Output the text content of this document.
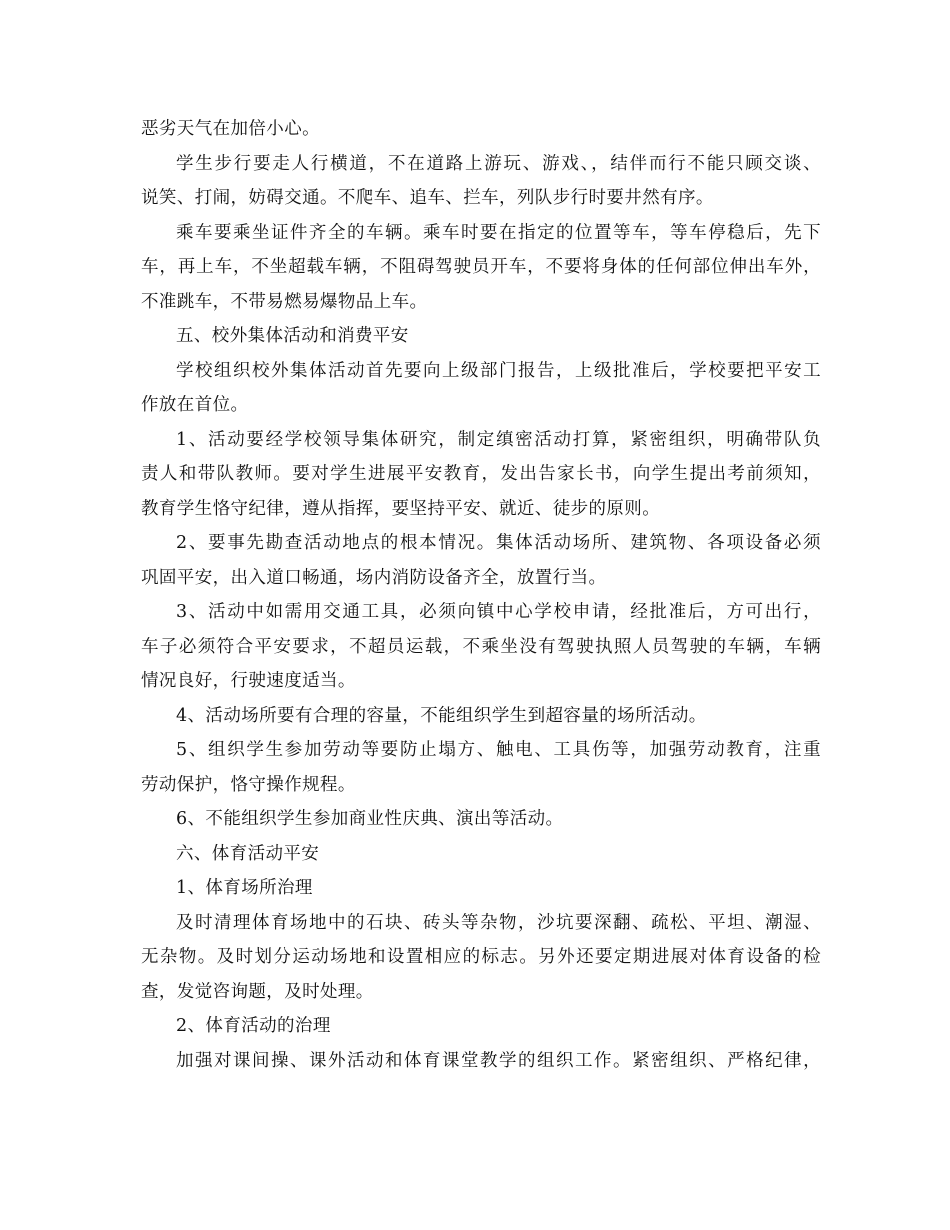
恶劣天气在加倍小心。
学生步行要走人行横道，不在道路上游玩、游戏、，结伴而行不能只顾交谈、
说笑、打闹，妨碍交通。不爬车、追车、拦车，列队步行时要井然有序。
乘车要乘坐证件齐全的车辆。乘车时要在指定的位置等车，等车停稳后，先下
车，再上车，不坐超载车辆，不阻碍驾驶员开车，不要将身体的任何部位伸出车外，
不准跳车，不带易燃易爆物品上车。
五、校外集体活动和消费平安
学校组织校外集体活动首先要向上级部门报告，上级批准后，学校要把平安工
作放在首位。
1、活动要经学校领导集体研究，制定缜密活动打算，紧密组织，明确带队负
责人和带队教师。要对学生进展平安教育，发出告家长书，向学生提出考前须知，
教育学生恪守纪律，遵从指挥，要坚持平安、就近、徒步的原则。
2、要事先勘查活动地点的根本情况。集体活动场所、建筑物、各项设备必须
巩固平安，出入道口畅通，场内消防设备齐全，放置行当。
3、活动中如需用交通工具，必须向镇中心学校申请，经批准后，方可出行，
车子必须符合平安要求，不超员运载，不乘坐没有驾驶执照人员驾驶的车辆，车辆
情况良好，行驶速度适当。
4、活动场所要有合理的容量，不能组织学生到超容量的场所活动。
5、组织学生参加劳动等要防止塌方、触电、工具伤等，加强劳动教育，注重
劳动保护，恪守操作规程。
6、不能组织学生参加商业性庆典、演出等活动。
六、体育活动平安
1、体育场所治理
及时清理体育场地中的石块、砖头等杂物，沙坑要深翻、疏松、平坦、潮湿、
无杂物。及时划分运动场地和设置相应的标志。另外还要定期进展对体育设备的检
查，发觉咨询题，及时处理。
2、体育活动的治理
加强对课间操、课外活动和体育课堂教学的组织工作。紧密组织、严格纪律，
